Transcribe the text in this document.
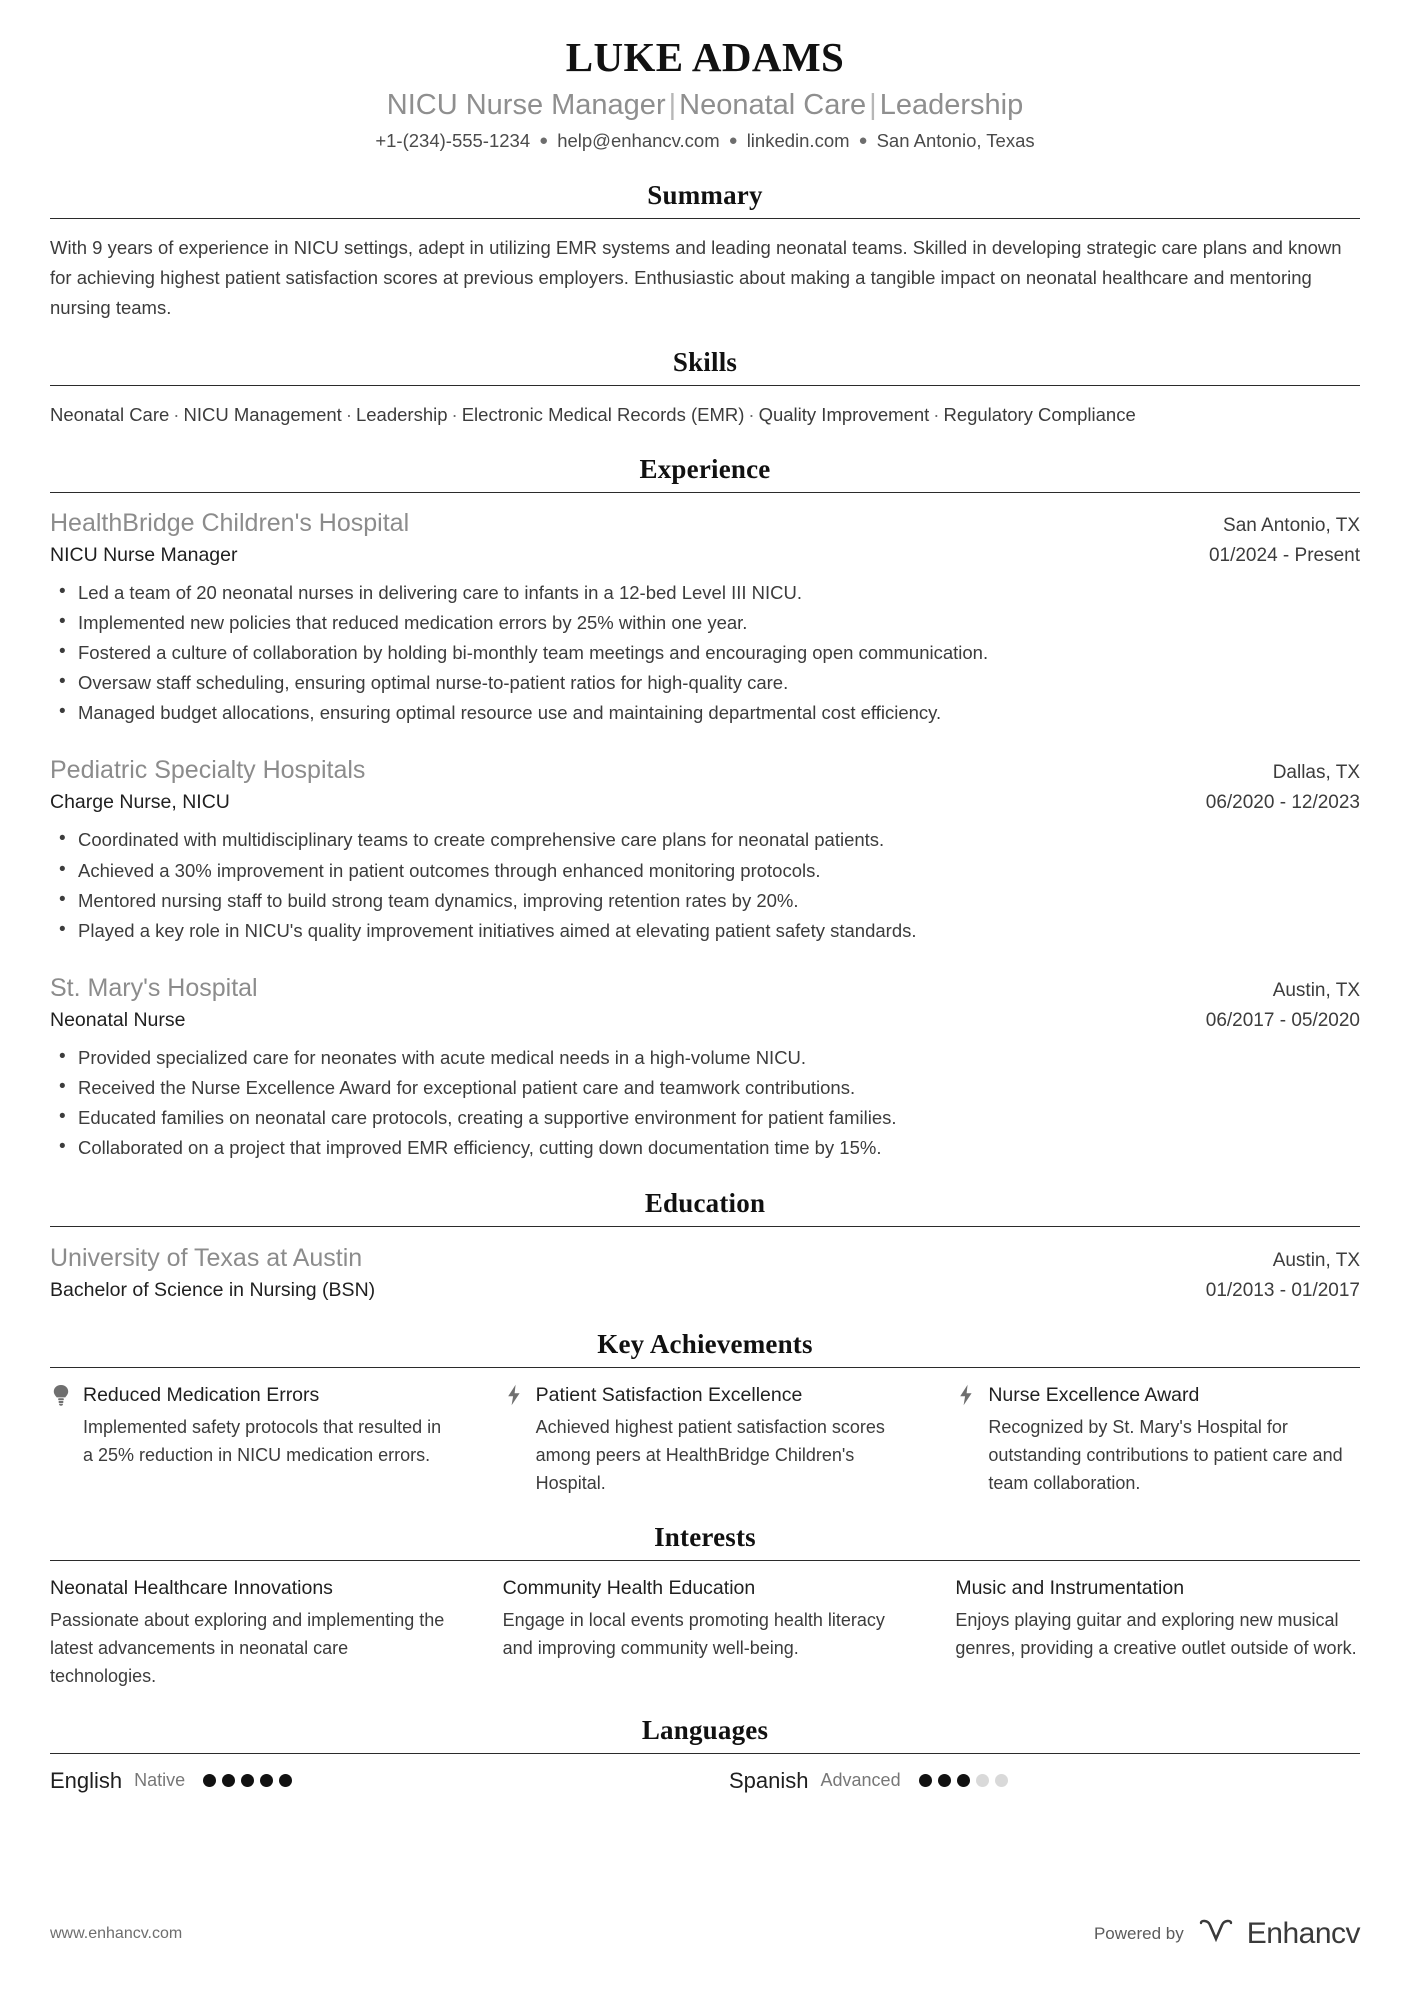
LUKE ADAMS
NICU Nurse Manager | Neonatal Care | Leadership
+1-(234)-555-1234 ● help@enhancv.com ● linkedin.com ● San Antonio, Texas
Summary

With 9 years of experience in NICU settings, adept in utilizing EMR systems and leading neonatal teams. Skilled in developing strategic care plans and known for achieving highest patient satisfaction scores at previous employers. Enthusiastic about making a tangible impact on neonatal healthcare and mentoring nursing teams.

Skills
Neonatal Care · NICU Management · Leadership · Electronic Medical Records (EMR) · Quality Improvement · Regulatory Compliance
Experience
HealthBridge Children's Hospital	San Antonio, TX
NICU Nurse Manager	01/2024 - Present
• Led a team of 20 neonatal nurses in delivering care to infants in a 12-bed Level III NICU.
• Implemented new policies that reduced medication errors by 25% within one year.
• Fostered a culture of collaboration by holding bi-monthly team meetings and encouraging open communication.
• Oversaw staff scheduling, ensuring optimal nurse-to-patient ratios for high-quality care.
• Managed budget allocations, ensuring optimal resource use and maintaining departmental cost efficiency.
Pediatric Specialty Hospitals	Dallas, TX
Charge Nurse, NICU	06/2020 - 12/2023
• Coordinated with multidisciplinary teams to create comprehensive care plans for neonatal patients.
• Achieved a 30% improvement in patient outcomes through enhanced monitoring protocols.
• Mentored nursing staff to build strong team dynamics, improving retention rates by 20%.
• Played a key role in NICU's quality improvement initiatives aimed at elevating patient safety standards.
St. Mary's Hospital	Austin, TX
Neonatal Nurse	06/2017 - 05/2020
• Provided specialized care for neonates with acute medical needs in a high-volume NICU.
• Received the Nurse Excellence Award for exceptional patient care and teamwork contributions.
• Educated families on neonatal care protocols, creating a supportive environment for patient families.
• Collaborated on a project that improved EMR efficiency, cutting down documentation time by 15%.
Education
University of Texas at Austin	Austin, TX
Bachelor of Science in Nursing (BSN)	01/2013 - 01/2017
Key Achievements
Reduced Medication Errors
Implemented safety protocols that resulted in a 25% reduction in NICU medication errors.
Patient Satisfaction Excellence
Achieved highest patient satisfaction scores among peers at HealthBridge Children's Hospital.
Nurse Excellence Award
Recognized by St. Mary's Hospital for outstanding contributions to patient care and team collaboration.
Interests
Neonatal Healthcare Innovations
Passionate about exploring and implementing the latest advancements in neonatal care technologies.
Community Health Education
Engage in local events promoting health literacy and improving community well-being.
Music and Instrumentation
Enjoys playing guitar and exploring new musical genres, providing a creative outlet outside of work.
Languages
English Native	Spanish Advanced
www.enhancv.com	Powered by Enhancv
